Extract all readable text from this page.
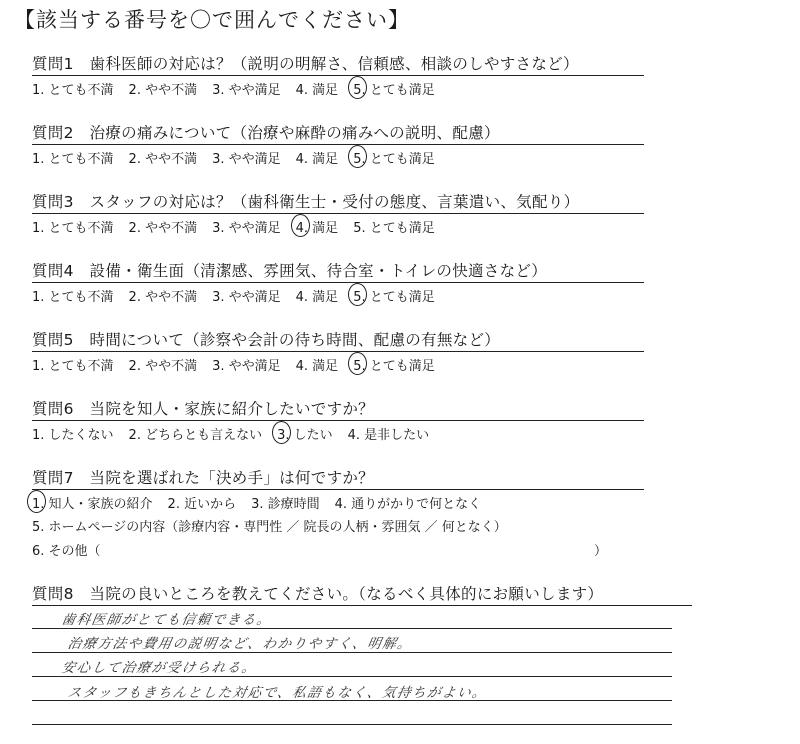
【該当する番号を〇で囲んでください】
質問1　歯科医師の対応は？（説明の明解さ、信頼感、相談のしやすさなど）
1. とても不満 2. やや不満 3. やや満足 4. 満足 5. とても満足
質問2　治療の痛みについて（治療や麻酔の痛みへの説明、配慮）
1. とても不満 2. やや不満 3. やや満足 4. 満足 5. とても満足
質問3　スタッフの対応は？（歯科衛生士・受付の態度、言葉遣い、気配り）
1. とても不満 2. やや不満 3. やや満足 4. 満足 5. とても満足
質問4　設備・衛生面（清潔感、雰囲気、待合室・トイレの快適さなど）
1. とても不満 2. やや不満 3. やや満足 4. 満足 5. とても満足
質問5　時間について（診察や会計の待ち時間、配慮の有無など）
1. とても不満 2. やや不満 3. やや満足 4. 満足 5. とても満足
質問6　当院を知人・家族に紹介したいですか？
1. したくない 2. どちらとも言えない 3. したい 4. 是非したい
質問7　当院を選ばれた「決め手」は何ですか？
1. 知人・家族の紹介 2. 近いから 3. 診療時間 4. 通りがかりで何となく
5. ホームページの内容（診療内容・専門性 ／ 院長の人柄・雰囲気 ／ 何となく）
6. その他（	）
質問8　当院の良いところを教えてください。（なるべく具体的にお願いします）
歯科医師がとても信頼できる。
治療方法や費用の説明など、わかりやすく、明解。
安心して治療が受けられる。
スタッフもきちんとした対応で、私語もなく、気持ちがよい。
